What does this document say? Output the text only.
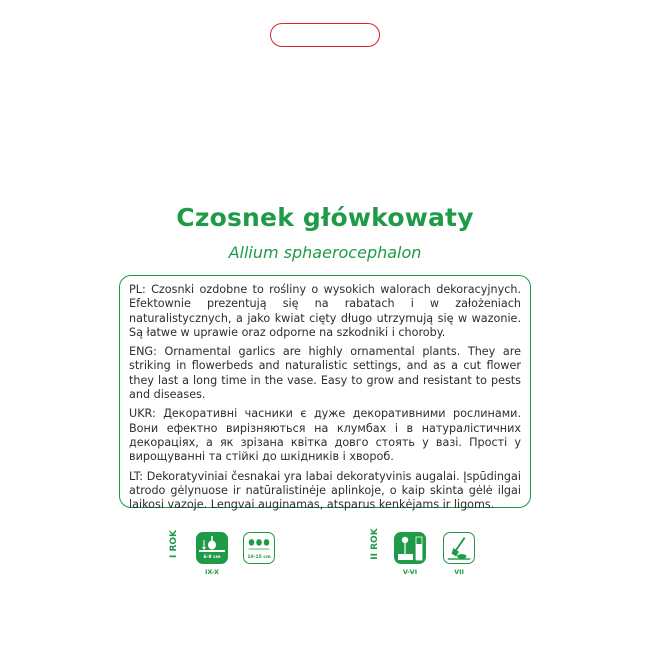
Czosnek główkowaty
Allium sphaerocephalon

PL: Czosnki ozdobne to rośliny o wysokich walorach dekoracyjnych. Efektownie prezentują się na rabatach i w założeniach naturalistycznych, a jako kwiat cięty długo utrzymują się w wazonie. Są łatwe w uprawie oraz odporne na szkodniki i choroby.

ENG: Ornamental garlics are highly ornamental plants. They are striking in flowerbeds and naturalistic settings, and as a cut flower they last a long time in the vase. Easy to grow and resistant to pests and diseases.

UKR: Декоративні часники є дуже декоративними рослинами. Вони ефектно вирізняються на клумбах і в натуралістичних декораціях, а як зрізана квітка довго стоять у вазі. Прості у вирощуванні та стійкі до шкідників і хвороб.

LT: Dekoratyviniai česnakai yra labai dekoratyvinis augalai. Įspūdingai atrodo gėlynuose ir natūralistinėje aplinkoje, o kaip skinta gėlė ilgai laikosi vazoje. Lengvai auginamas, atsparus kenkėjams ir ligoms.

I ROK	6-8 cm	10-15 cm
IX-X
II ROK
V-VI	VII
